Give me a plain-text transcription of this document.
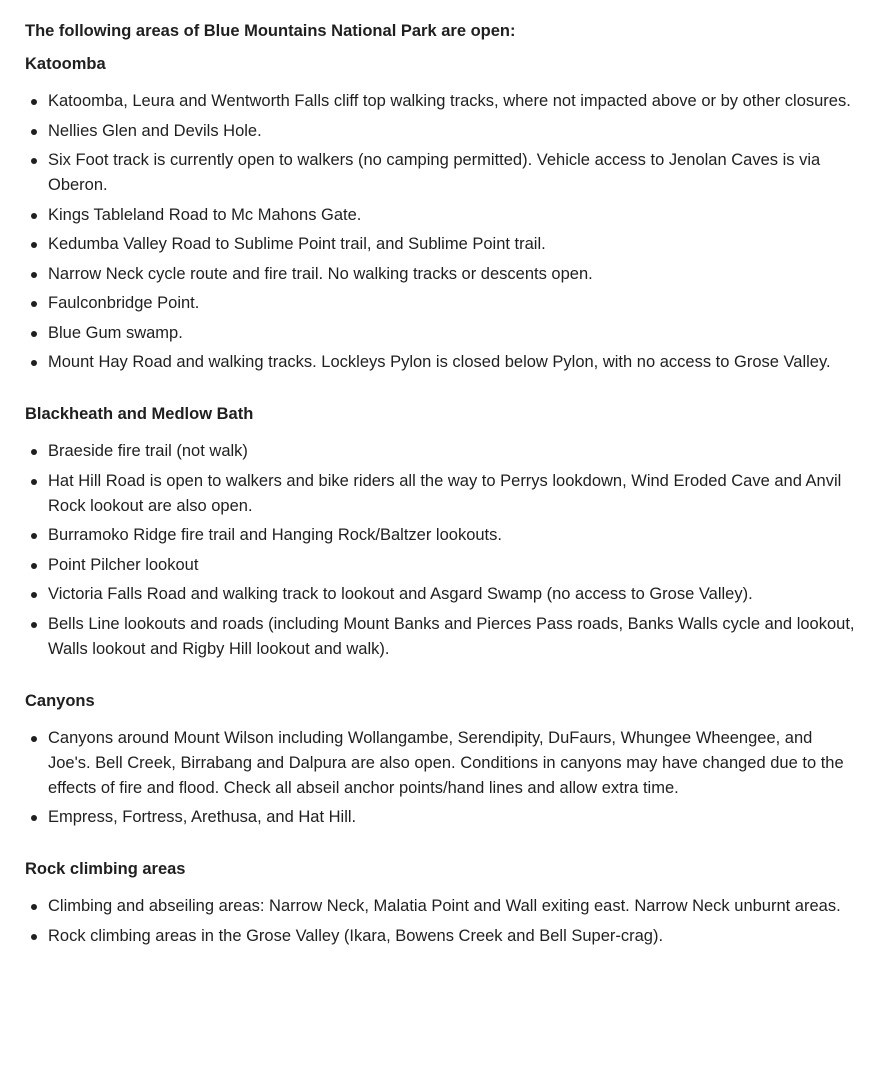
The following areas of Blue Mountains National Park are open:

Katoomba
Katoomba, Leura and Wentworth Falls cliff top walking tracks, where not impacted above or by other closures.
Nellies Glen and Devils Hole.
Six Foot track is currently open to walkers (no camping permitted). Vehicle access to Jenolan Caves is via Oberon.
Kings Tableland Road to Mc Mahons Gate.
Kedumba Valley Road to Sublime Point trail, and Sublime Point trail.
Narrow Neck cycle route and fire trail. No walking tracks or descents open.
Faulconbridge Point.
Blue Gum swamp.
Mount Hay Road and walking tracks. Lockleys Pylon is closed below Pylon, with no access to Grose Valley.
Blackheath and Medlow Bath
Braeside fire trail (not walk)
Hat Hill Road is open to walkers and bike riders all the way to Perrys lookdown, Wind Eroded Cave and Anvil Rock lookout are also open.
Burramoko Ridge fire trail and Hanging Rock/Baltzer lookouts.
Point Pilcher lookout
Victoria Falls Road and walking track to lookout and Asgard Swamp (no access to Grose Valley).
Bells Line lookouts and roads (including Mount Banks and Pierces Pass roads, Banks Walls cycle and lookout, Walls lookout and Rigby Hill lookout and walk).
Canyons
Canyons around Mount Wilson including Wollangambe, Serendipity, DuFaurs, Whungee Wheengee, and Joe's. Bell Creek, Birrabang and Dalpura are also open. Conditions in canyons may have changed due to the effects of fire and flood. Check all abseil anchor points/hand lines and allow extra time.
Empress, Fortress, Arethusa, and Hat Hill.
Rock climbing areas
Climbing and abseiling areas: Narrow Neck, Malatia Point and Wall exiting east. Narrow Neck unburnt areas.
Rock climbing areas in the Grose Valley (Ikara, Bowens Creek and Bell Super-crag).
